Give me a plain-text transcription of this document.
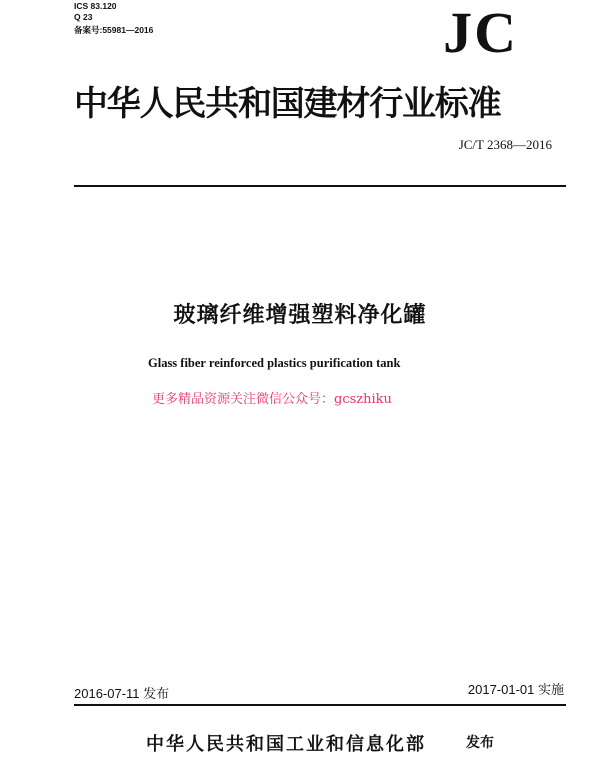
ICS 83.120
Q 23
备案号:55981—2016	JC
中华人民共和国建材行业标准
JC/T 2368—2016
玻璃纤维增强塑料净化罐
Glass fiber reinforced plastics purification tank
更多精品资源关注微信公众号：gcszhiku
2016-07-11 发布	2017-01-01 实施
中华人民共和国工业和信息化部	发布
